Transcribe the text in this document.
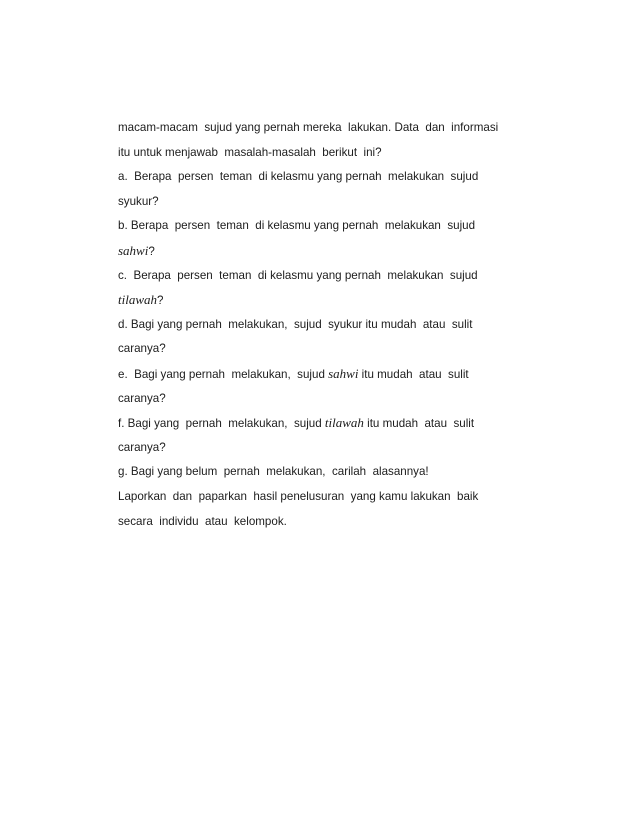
macam-macam  sujud yang pernah mereka  lakukan. Data  dan  informasi
itu untuk menjawab  masalah-masalah  berikut  ini?
a.  Berapa  persen  teman  di kelasmu yang pernah  melakukan  sujud
syukur?
b. Berapa  persen  teman  di kelasmu yang pernah  melakukan  sujud
sahwi?
c.  Berapa  persen  teman  di kelasmu yang pernah  melakukan  sujud
tilawah?
d. Bagi yang pernah  melakukan,  sujud  syukur itu mudah  atau  sulit
caranya?
e.  Bagi yang pernah  melakukan,  sujud sahwi itu mudah  atau  sulit
caranya?
f. Bagi yang  pernah  melakukan,  sujud tilawah itu mudah  atau  sulit
caranya?
g. Bagi yang belum  pernah  melakukan,  carilah  alasannya!
Laporkan  dan  paparkan  hasil penelusuran  yang kamu lakukan  baik
secara  individu  atau  kelompok.
